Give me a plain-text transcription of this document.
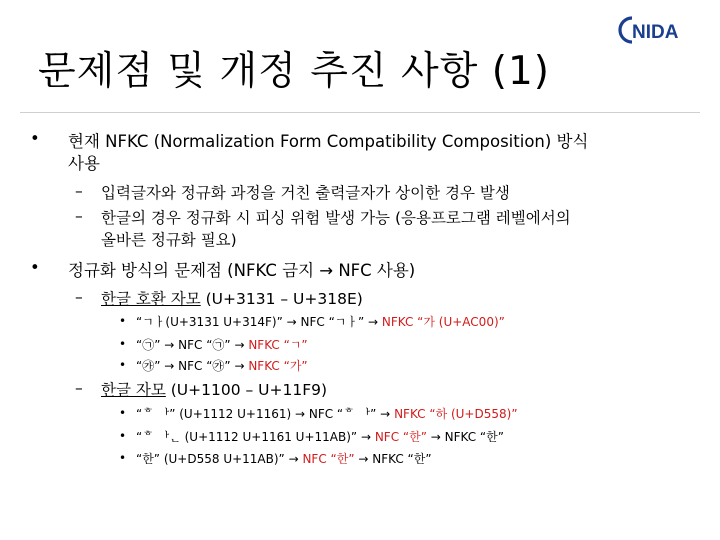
문제점 및 개정 추진 사항 (1)
NIDA
• 현재 NFKC (Normalization Form Compatibility Composition) 방식
사용
– 입력글자와 정규화 과정을 거친 출력글자가 상이한 경우 발생
– 한글의 경우 정규화 시 피싱 위험 발생 가능 (응용프로그램 레벨에서의
올바른 정규화 필요)
• 정규화 방식의 문제점 (NFKC 금지 → NFC 사용)
– 한글 호환 자모 (U+3131 – U+318E)
• “ㄱㅏ(U+3131 U+314F)” → NFC “ㄱㅏ” → NFKC “가 (U+AC00)”
• “㉠” → NFC “㉠” → NFKC “ㄱ”
• “㉮” → NFC “㉮” → NFKC “가”
– 한글 자모 (U+1100 – U+11F9)
• “ᄒ ᅡ” (U+1112 U+1161) → NFC “ᄒ ᅡ” → NFKC “하 (U+D558)”
• “ᄒ ᅡᆫ (U+1112 U+1161 U+11AB)” → NFC “한” → NFKC “한”
• “한” (U+D558 U+11AB)” → NFC “한” → NFKC “한”
